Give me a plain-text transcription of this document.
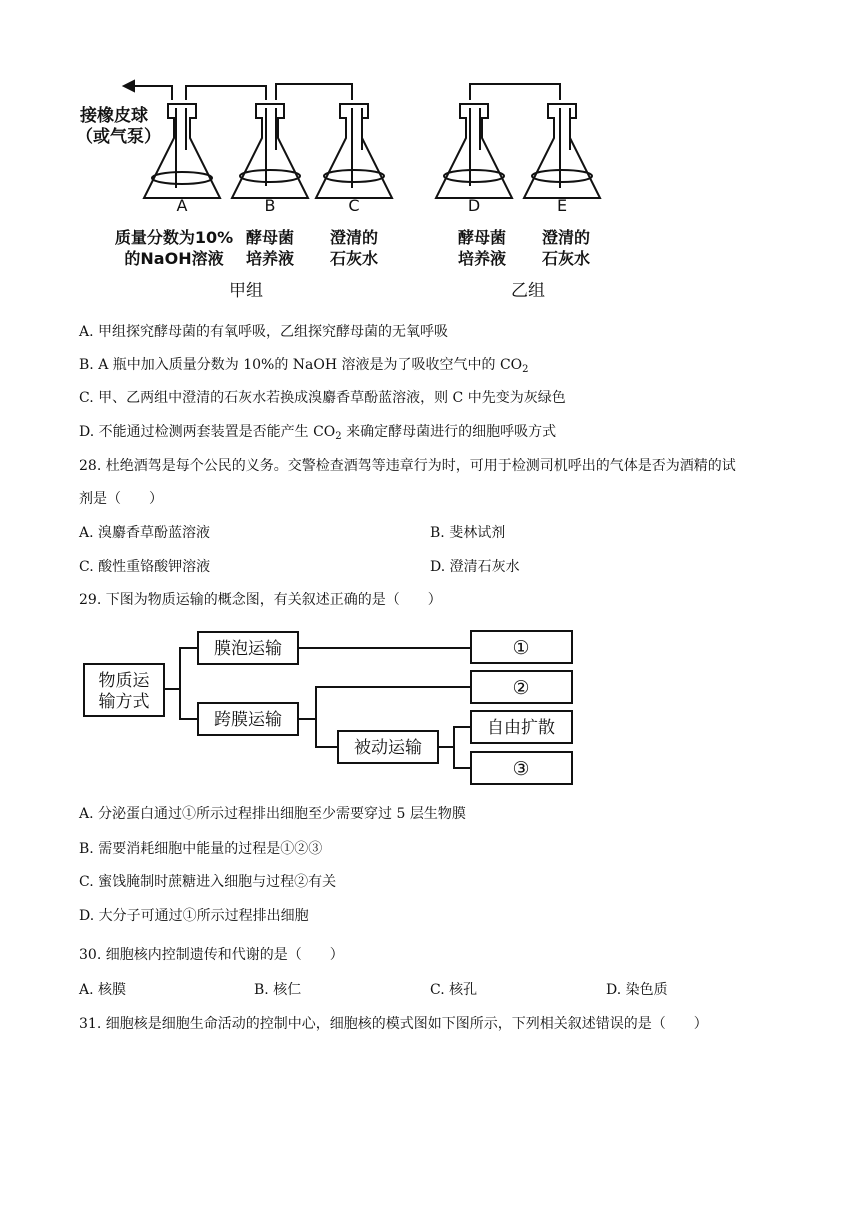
A	B	C	D	E
接橡皮球
（或气泵）
质量分数为10%
的NaOH溶液
酵母菌
培养液
澄清的
石灰水
酵母菌
培养液
澄清的
石灰水
甲组	乙组
A. 甲组探究酵母菌的有氧呼吸，乙组探究酵母菌的无氧呼吸
B. A 瓶中加入质量分数为 10%的 NaOH 溶液是为了吸收空气中的 $CO_2$
C. 甲、乙两组中澄清的石灰水若换成溴麝香草酚蓝溶液，则 C 中先变为灰绿色
D. 不能通过检测两套装置是否能产生 $CO_2$ 来确定酵母菌进行的细胞呼吸方式
28. 杜绝酒驾是每个公民的义务。交警检查酒驾等违章行为时，可用于检测司机呼出的气体是否为酒精的试
剂是（　　）
A. 溴麝香草酚蓝溶液	B. 斐林试剂
C. 酸性重铬酸钾溶液	D. 澄清石灰水
29. 下图为物质运输的概念图，有关叙述正确的是（　　）
物质运
输方式
膜泡运输
跨膜运输
被动运输
自由扩散
①
②
③
A. 分泌蛋白通过①所示过程排出细胞至少需要穿过 5 层生物膜
B. 需要消耗细胞中能量的过程是①②③
C. 蜜饯腌制时蔗糖进入细胞与过程②有关
D. 大分子可通过①所示过程排出细胞
30. 细胞核内控制遗传和代谢的是（　　）
A. 核膜	B. 核仁	C. 核孔	D. 染色质
31. 细胞核是细胞生命活动的控制中心，细胞核的模式图如下图所示，下列相关叙述错误的是（　　）
